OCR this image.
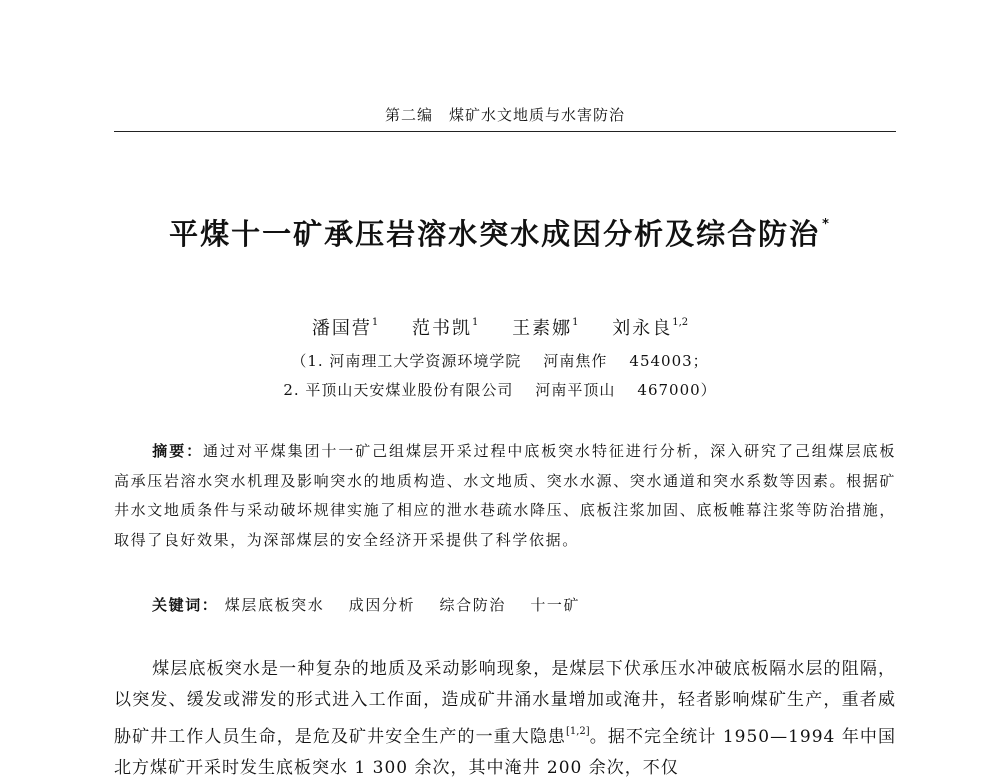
第二编 煤矿水文地质与水害防治
平煤十一矿承压岩溶水突水成因分析及综合防治 *
潘国营$^1$ 范书凯$^1$ 王素娜$^1$ 刘永良$^{1,2}$
（1. 河南理工大学资源环境学院 河南焦作 454003；
2. 平顶山天安煤业股份有限公司 河南平顶山 467000）
摘要：通过对平煤集团十一矿己组煤层开采过程中底板突水特征进行分析，深入研究了己组煤层底板高承压岩溶水突水机理及影响突水的地质构造、水文地质、突水水源、突水通道和突水系数等因素。根据矿井水文地质条件与采动破坏规律实施了相应的泄水巷疏水降压、底板注浆加固、底板帷幕注浆等防治措施，取得了良好效果，为深部煤层的安全经济开采提供了科学依据。
关键词： 煤层底板突水 成因分析 综合防治 十一矿
煤层底板突水是一种复杂的地质及采动影响现象，是煤层下伏承压水冲破底板隔水层的阻隔，以突发、缓发或滞发的形式进入工作面，造成矿井涌水量增加或淹井，轻者影响煤矿生产，重者威胁矿井工作人员生命，是危及矿井安全生产的一重大隐患[1,2]。据不完全统计 1950—1994 年中国北方煤矿开采时发生底板突水 1 300 余次，其中淹井 200 余次，不仅
